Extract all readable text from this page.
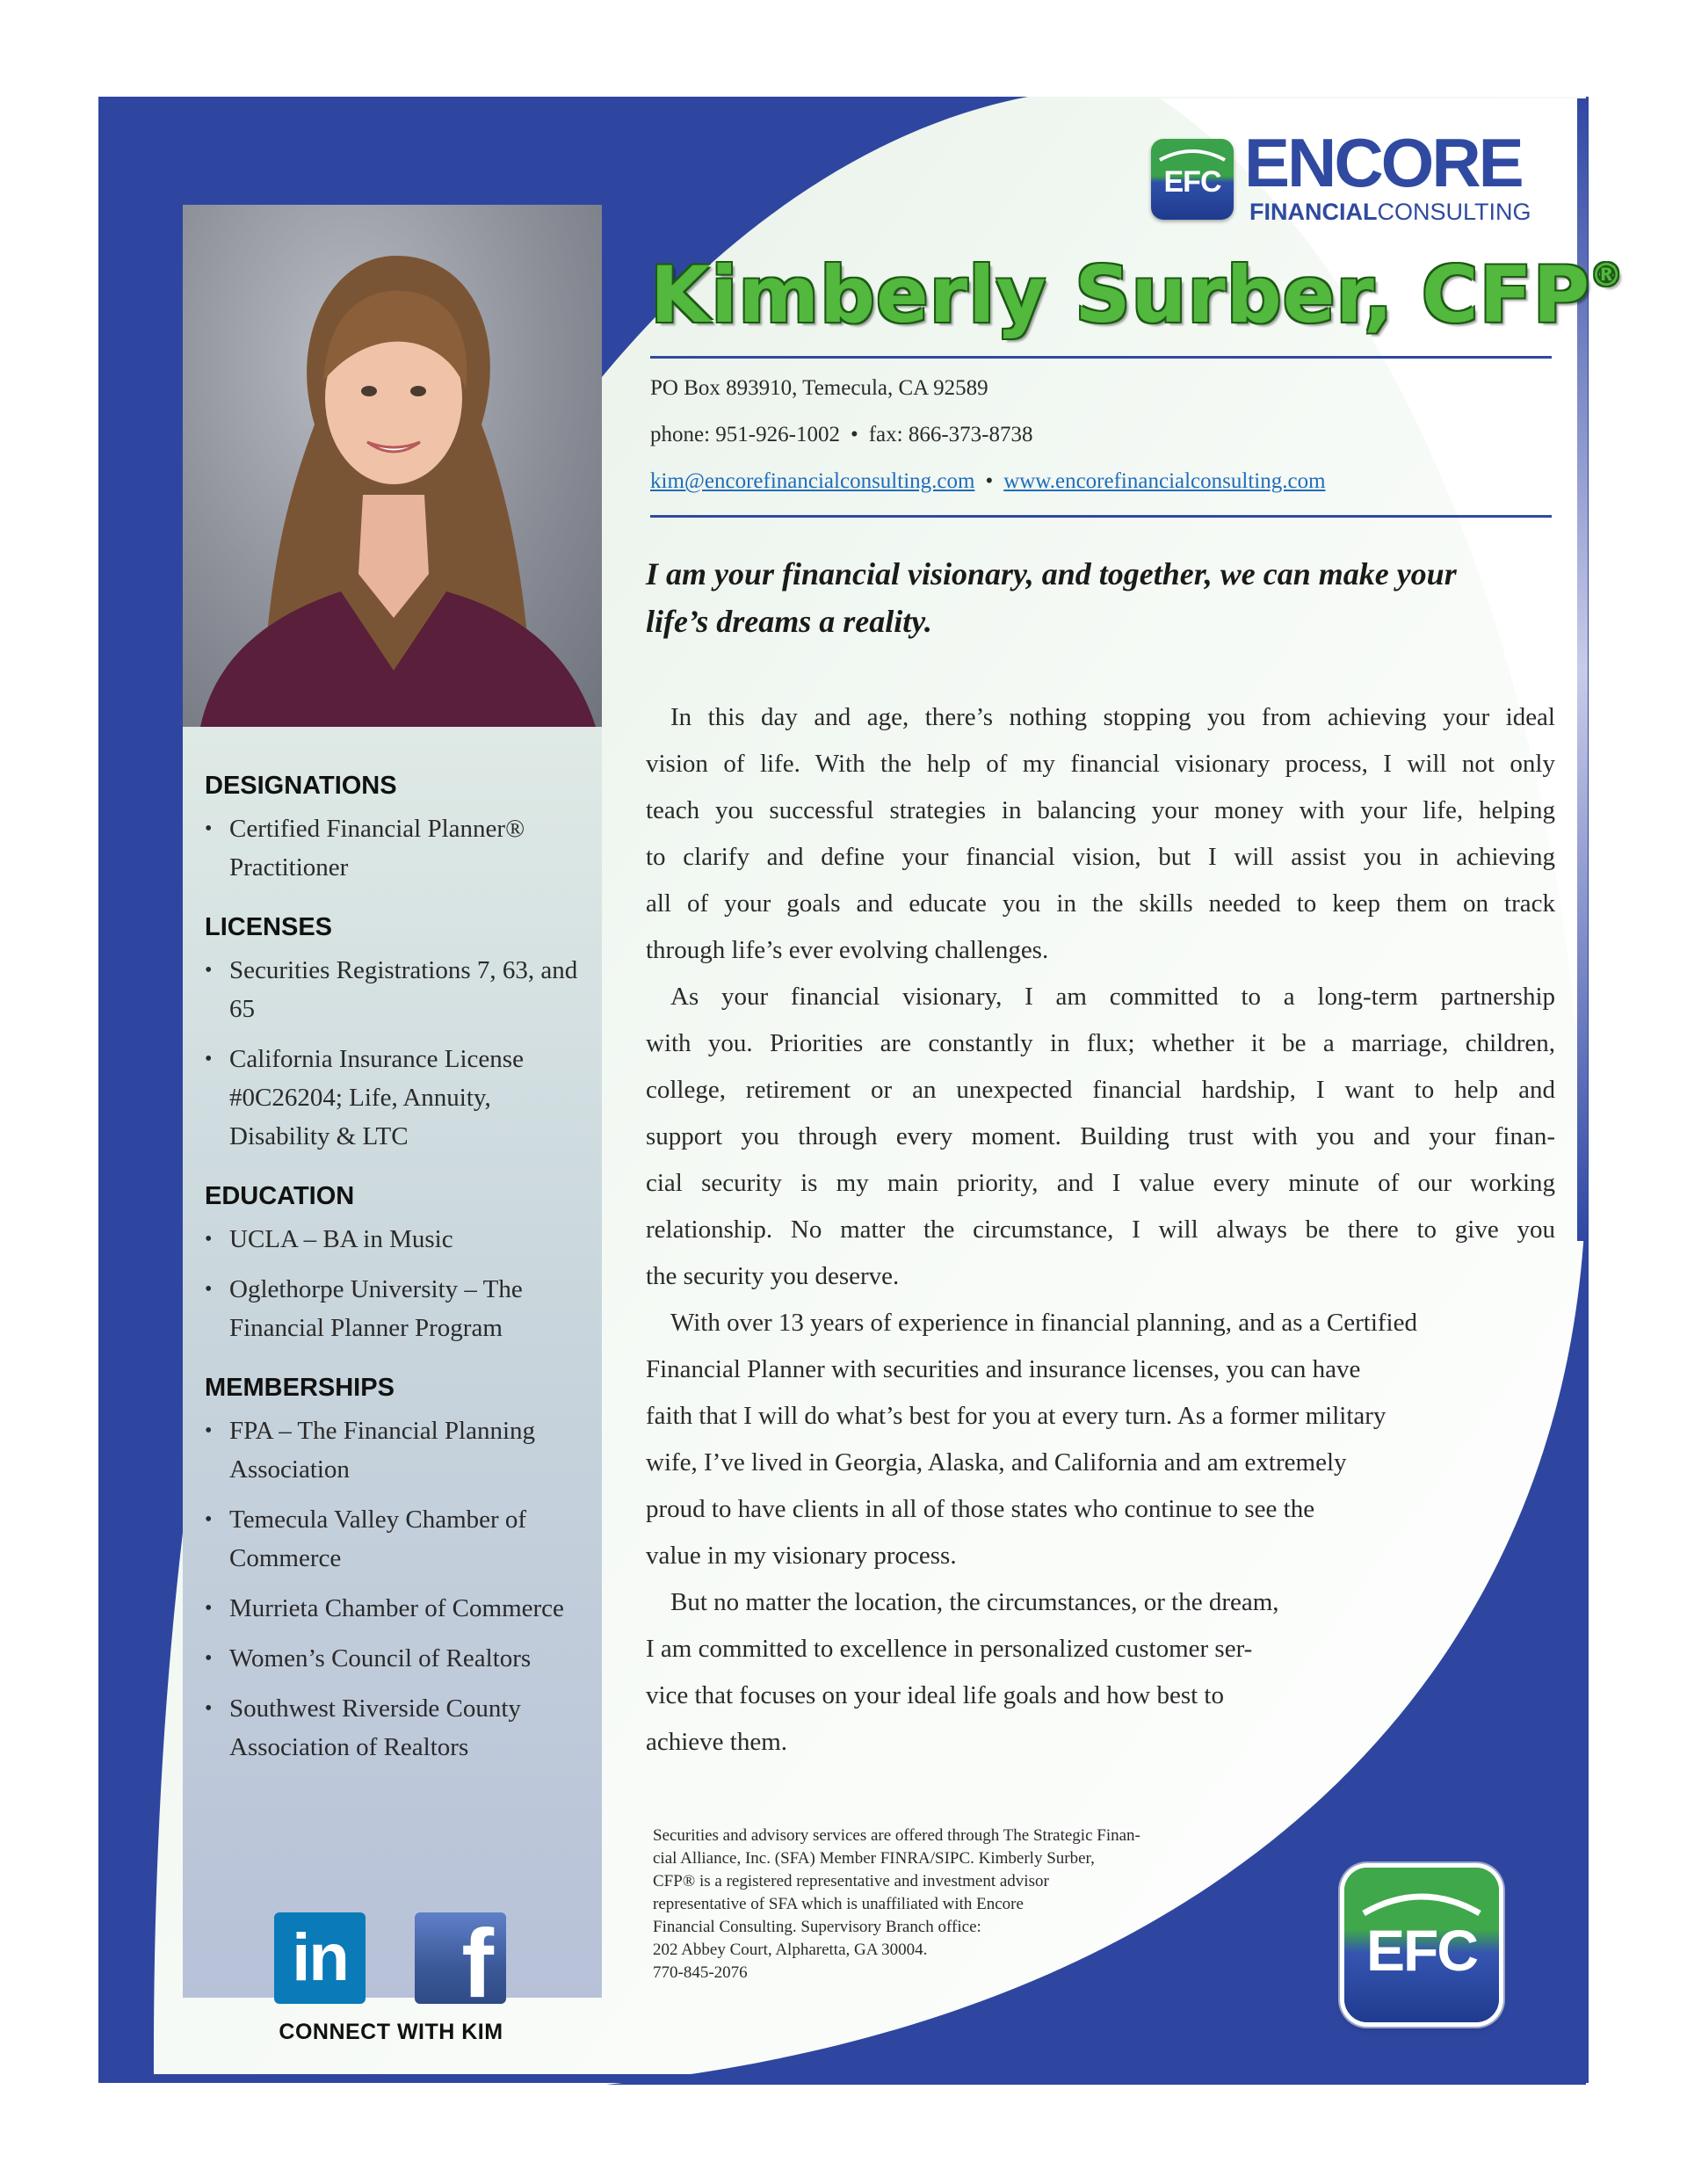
EFC ENCORE
FINANCIALCONSULTING
Kimberly Surber, CFP®
PO Box 893910, Temecula, CA 92589
phone: 951-926-1002 • fax: 866-373-8738
kim@encorefinancialconsulting.com • www.encorefinancialconsulting.com

I am your financial visionary, and together, we can make your
life’s dreams a reality.

In this day and age, there’s nothing stopping you from achieving your ideal
vision of life. With the help of my financial visionary process, I will not only
teach you successful strategies in balancing your money with your life, helping
to clarify and define your financial vision, but I will assist you in achieving
all of your goals and educate you in the skills needed to keep them on track
through life’s ever evolving challenges.

As your financial visionary, I am committed to a long-term partnership
with you. Priorities are constantly in flux; whether it be a marriage, children,
college, retirement or an unexpected financial hardship, I want to help and
support you through every moment. Building trust with you and your finan-
cial security is my main priority, and I value every minute of our working
relationship. No matter the circumstance, I will always be there to give you
the security you deserve.

With over 13 years of experience in financial planning, and as a Certified
Financial Planner with securities and insurance licenses, you can have
faith that I will do what’s best for you at every turn. As a former military
wife, I’ve lived in Georgia, Alaska, and California and am extremely
proud to have clients in all of those states who continue to see the
value in my visionary process.

But no matter the location, the circumstances, or the dream,
I am committed to excellence in personalized customer ser-
vice that focuses on your ideal life goals and how best to
achieve them.

DESIGNATIONS
• Certified Financial Planner® Practitioner
LICENSES
• Securities Registrations 7, 63, and 65
• California Insurance License #0C26204; Life, Annuity, Disability & LTC
EDUCATION
• UCLA – BA in Music
• Oglethorpe University – The Financial Planner Program
MEMBERSHIPS
• FPA – The Financial Planning Association
• Temecula Valley Chamber of Commerce
• Murrieta Chamber of Commerce
• Women’s Council of Realtors
• Southwest Riverside County Association of Realtors
in f
CONNECT WITH KIM
Securities and advisory services are offered through The Strategic Finan-
cial Alliance, Inc. (SFA) Member FINRA/SIPC. Kimberly Surber,
CFP® is a registered representative and investment advisor
representative of SFA which is unaffiliated with Encore
Financial Consulting. Supervisory Branch office:
202 Abbey Court, Alpharetta, GA 30004.
770-845-2076	EFC
